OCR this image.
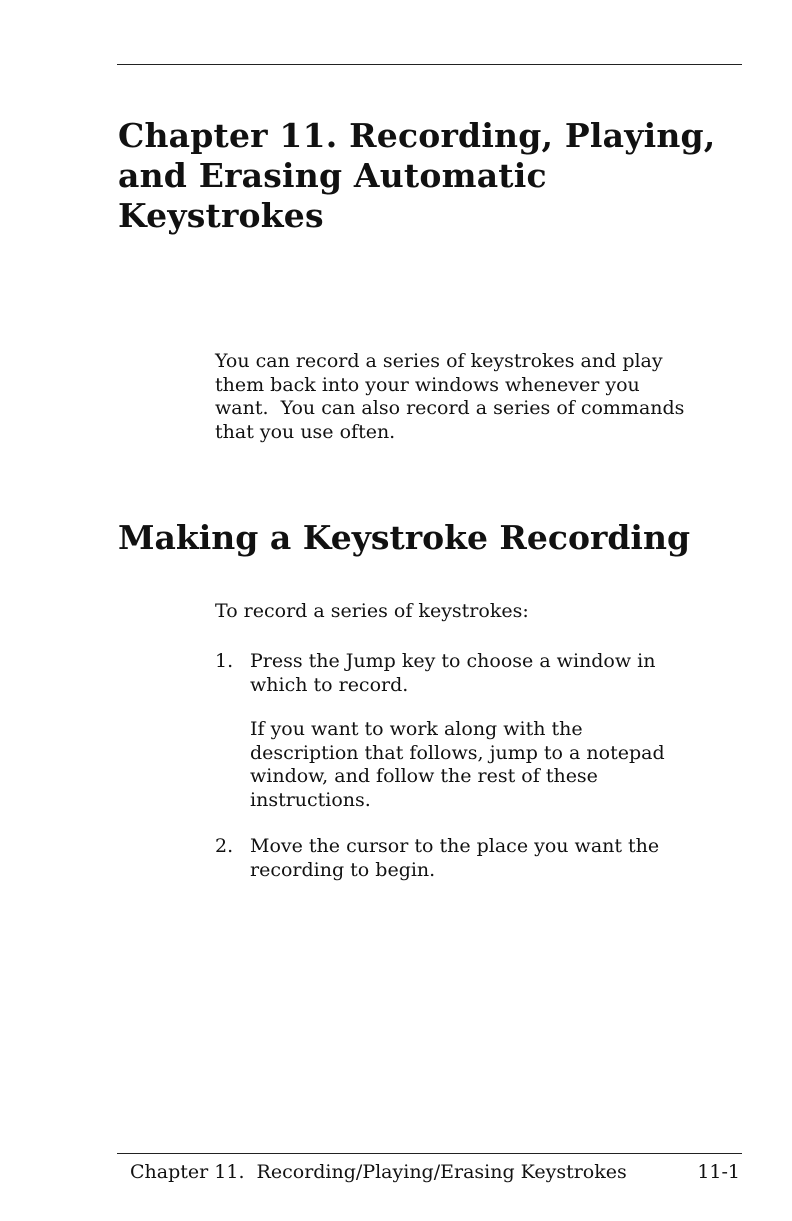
Chapter 11. Recording, Playing,
and Erasing Automatic
Keystrokes

You can record a series of keystrokes and play
them back into your windows whenever you
want.  You can also record a series of commands
that you use often.

Making a Keystroke Recording

To record a series of keystrokes:

1. Press the Jump key to choose a window in
which to record.

If you want to work along with the
description that follows, jump to a notepad
window, and follow the rest of these
instructions.

2. Move the cursor to the place you want the
recording to begin.

Chapter 11.  Recording/Playing/Erasing Keystrokes	11-1
